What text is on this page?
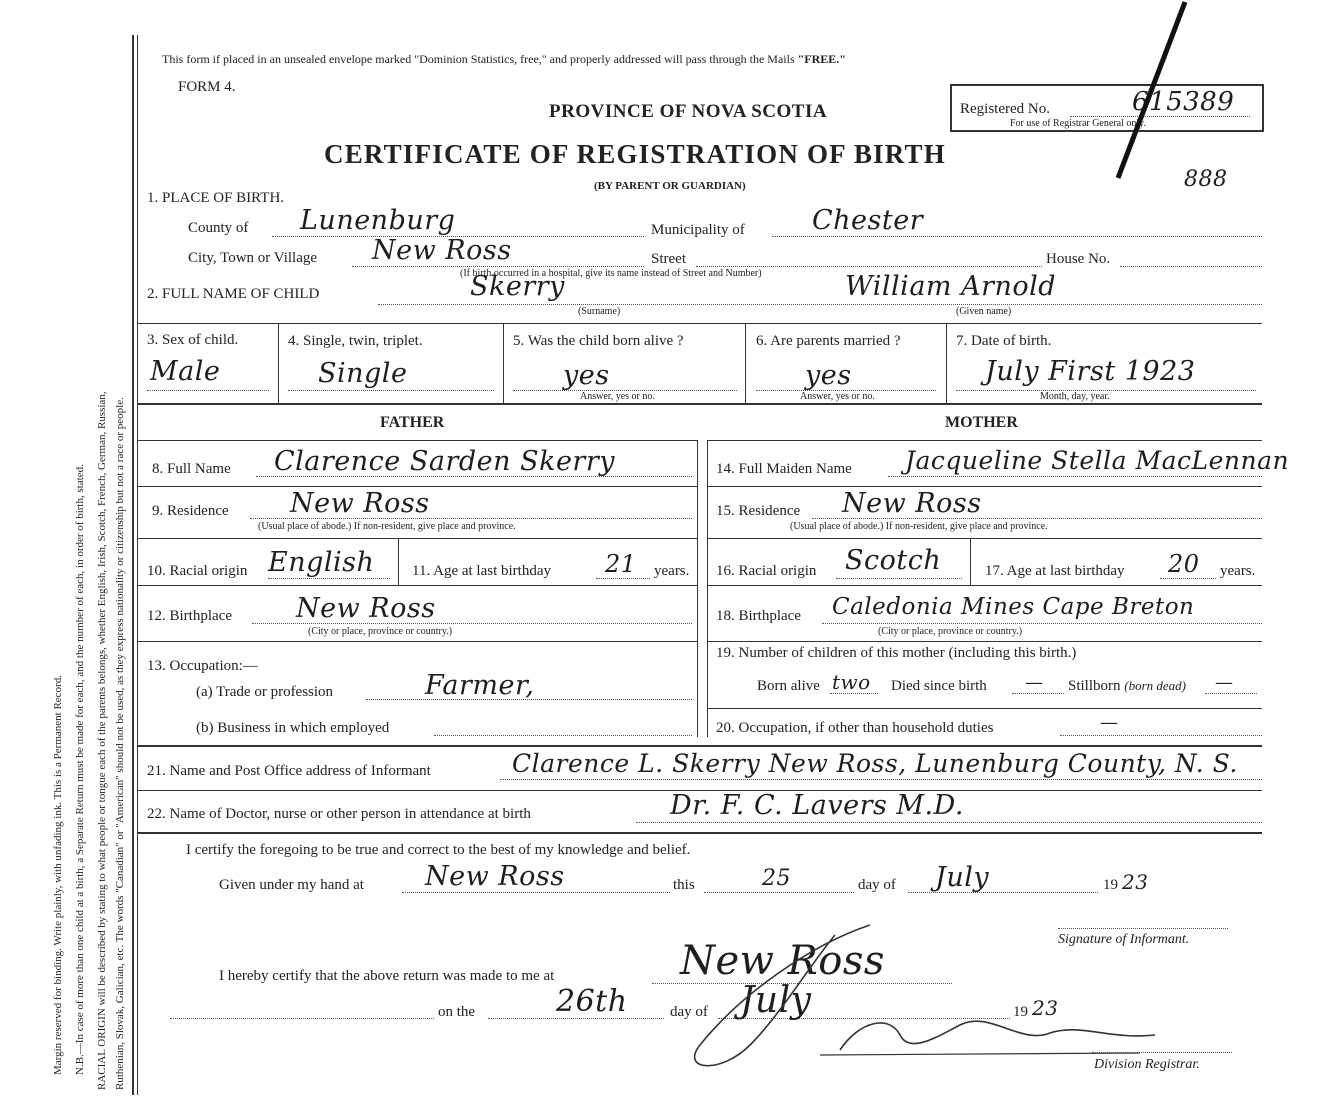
Margin reserved for binding. Write plainly, with unfading ink. This is a Permanent Record. N.B.—In case of more than one child at a birth, a Separate Return must be made for each, and the number of each, in order of birth, stated. RACIAL ORIGIN will be described by stating to what people or tongue each of the parents belongs, whether English, Irish, Scotch, French, German, Russian, Ruthenian, Slovak, Galician, etc. The words "Canadian" or "American" should not be used, as they express nationality or citizenship but not a race or people.
This form if placed in an unsealed envelope marked "Dominion Statistics, free," and properly addressed will pass through the Mails "FREE."
FORM 4.
PROVINCE OF NOVA SCOTIA
CERTIFICATE OF REGISTRATION OF BIRTH
(BY PARENT OR GUARDIAN)
Registered No.	615389
For use of Registrar General only.
888
1. PLACE OF BIRTH.
County of Lunenburg	Municipality of Chester
City, Town or Village New Ross	Street	House No.
(If birth occurred in a hospital, give its name instead of Street and Number)
2. FULL NAME OF CHILD	Skerry
(Surname)
William Arnold
(Given name)
3. Sex of child.
Male
4. Single, twin, triplet.
Single
5. Was the child born alive ?
yes
Answer, yes or no.
6. Are parents married ?
yes
Answer, yes or no.
7. Date of birth.
July First 1923
Month, day, year.
FATHER
8. Full Name Clarence Sarden Skerry
9. Residence New Ross
(Usual place of abode.) If non-resident, give place and province.
10. Racial origin English	11. Age at last birthday 21 years.
12. Birthplace New Ross
(City or place, province or country.)
13. Occupation:—
(a) Trade or profession	Farmer,
(b) Business in which employed
MOTHER
14. Full Maiden Name Jacqueline Stella MacLennan
15. Residence New Ross
(Usual place of abode.) If non-resident, give place and province.
16. Racial origin Scotch	17. Age at last birthday 20 years.
18. Birthplace Caledonia Mines Cape Breton
(City or place, province or country.)
19. Number of children of this mother (including this birth.)
Born alive two Died since birth — Stillborn (born dead) —
20. Occupation, if other than household duties	—
21. Name and Post Office address of Informant	Clarence L. Skerry New Ross, Lunenburg County, N. S.
22. Name of Doctor, nurse or other person in attendance at birth	Dr. F. C. Lavers M.D.
I certify the foregoing to be true and correct to the best of my knowledge and belief.
Given under my hand at New Ross	this	25	day of July	19 23
Signature of Informant.
I hereby certify that the above return was made to me at	New Ross
on the	26th	day of July	19 23
Division Registrar.
